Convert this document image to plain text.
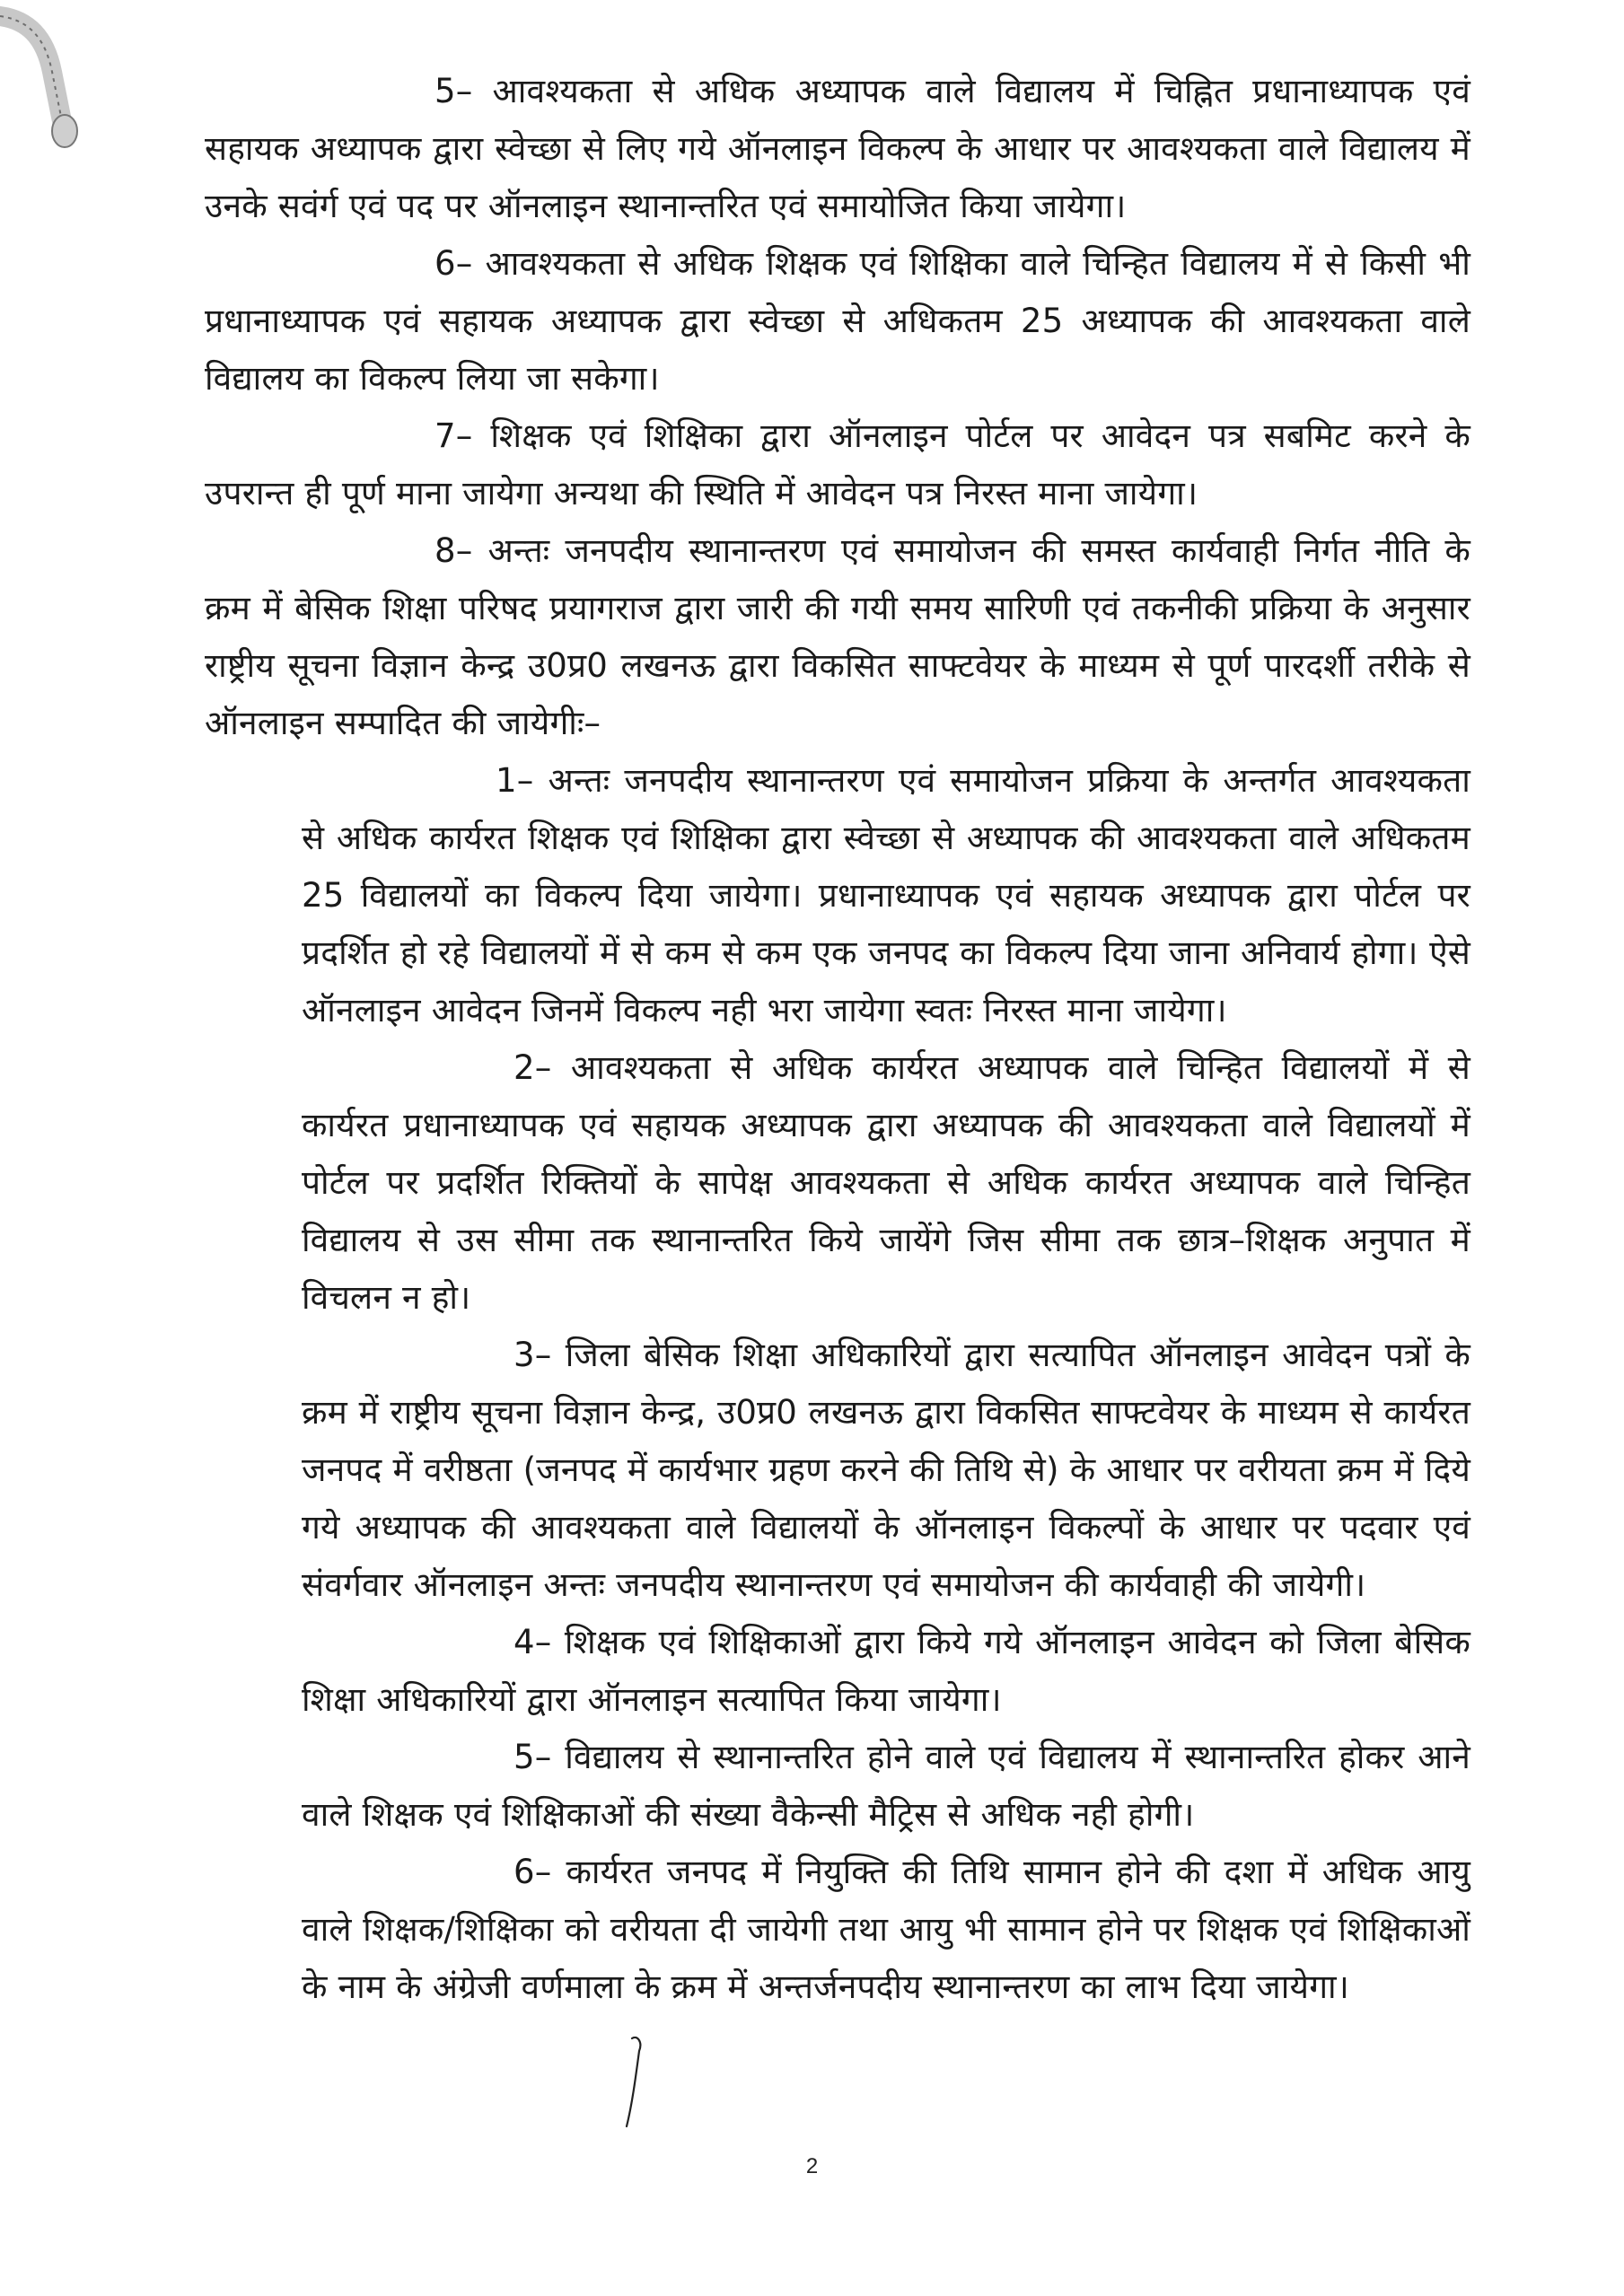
5– आवश्यकता से अधिक अध्यापक वाले विद्यालय में चिह्नित प्रधानाध्यापक एवं सहायक अध्यापक द्वारा स्वेच्छा से लिए गये ऑनलाइन विकल्प के आधार पर आवश्यकता वाले विद्यालय में उनके सवंर्ग एवं पद पर ऑनलाइन स्थानान्तरित एवं समायोजित किया जायेगा।

6– आवश्यकता से अधिक शिक्षक एवं शिक्षिका वाले चिन्हित विद्यालय में से किसी भी प्रधानाध्यापक एवं सहायक अध्यापक द्वारा स्वेच्छा से अधिकतम 25 अध्यापक की आवश्यकता वाले विद्यालय का विकल्प लिया जा सकेगा।

7– शिक्षक एवं शिक्षिका द्वारा ऑनलाइन पोर्टल पर आवेदन पत्र सबमिट करने के उपरान्त ही पूर्ण माना जायेगा अन्यथा की स्थिति में आवेदन पत्र निरस्त माना जायेगा।

8– अन्तः जनपदीय स्थानान्तरण एवं समायोजन की समस्त कार्यवाही निर्गत नीति के क्रम में बेसिक शिक्षा परिषद प्रयागराज द्वारा जारी की गयी समय सारिणी एवं तकनीकी प्रक्रिया के अनुसार राष्ट्रीय सूचना विज्ञान केन्द्र उ0प्र0 लखनऊ द्वारा विकसित साफ्टवेयर के माध्यम से पूर्ण पारदर्शी तरीके से ऑनलाइन सम्पादित की जायेगीः–

1– अन्तः जनपदीय स्थानान्तरण एवं समायोजन प्रक्रिया के अन्तर्गत आवश्यकता से अधिक कार्यरत शिक्षक एवं शिक्षिका द्वारा स्वेच्छा से अध्यापक की आवश्यकता वाले अधिकतम 25 विद्यालयों का विकल्प दिया जायेगा। प्रधानाध्यापक एवं सहायक अध्यापक द्वारा पोर्टल पर प्रदर्शित हो रहे विद्यालयों में से कम से कम एक जनपद का विकल्प दिया जाना अनिवार्य होगा। ऐसे ऑनलाइन आवेदन जिनमें विकल्प नही भरा जायेगा स्वतः निरस्त माना जायेगा।

2– आवश्यकता से अधिक कार्यरत अध्यापक वाले चिन्हित विद्यालयों में से कार्यरत प्रधानाध्यापक एवं सहायक अध्यापक द्वारा अध्यापक की आवश्यकता वाले विद्यालयों में पोर्टल पर प्रदर्शित रिक्तियों के सापेक्ष आवश्यकता से अधिक कार्यरत अध्यापक वाले चिन्हित विद्यालय से उस सीमा तक स्थानान्तरित किये जायेंगे जिस सीमा तक छात्र–शिक्षक अनुपात में विचलन न हो।

3– जिला बेसिक शिक्षा अधिकारियों द्वारा सत्यापित ऑनलाइन आवेदन पत्रों के क्रम में राष्ट्रीय सूचना विज्ञान केन्द्र, उ0प्र0 लखनऊ द्वारा विकसित साफ्टवेयर के माध्यम से कार्यरत जनपद में वरीष्ठता (जनपद में कार्यभार ग्रहण करने की तिथि से) के आधार पर वरीयता क्रम में दिये गये अध्यापक की आवश्यकता वाले विद्यालयों के ऑनलाइन विकल्पों के आधार पर पदवार एवं संवर्गवार ऑनलाइन अन्तः जनपदीय स्थानान्तरण एवं समायोजन की कार्यवाही की जायेगी।

4– शिक्षक एवं शिक्षिकाओं द्वारा किये गये ऑनलाइन आवेदन को जिला बेसिक शिक्षा अधिकारियों द्वारा ऑनलाइन सत्यापित किया जायेगा।

5– विद्यालय से स्थानान्तरित होने वाले एवं विद्यालय में स्थानान्तरित होकर आने वाले शिक्षक एवं शिक्षिकाओं की संख्या वैकेन्सी मैट्रिस से अधिक नही होगी।

6– कार्यरत जनपद में नियुक्ति की तिथि सामान होने की दशा में अधिक आयु वाले शिक्षक/शिक्षिका को वरीयता दी जायेगी तथा आयु भी सामान होने पर शिक्षक एवं शिक्षिकाओं के नाम के अंग्रेजी वर्णमाला के क्रम में अन्तर्जनपदीय स्थानान्तरण का लाभ दिया जायेगा।

2
